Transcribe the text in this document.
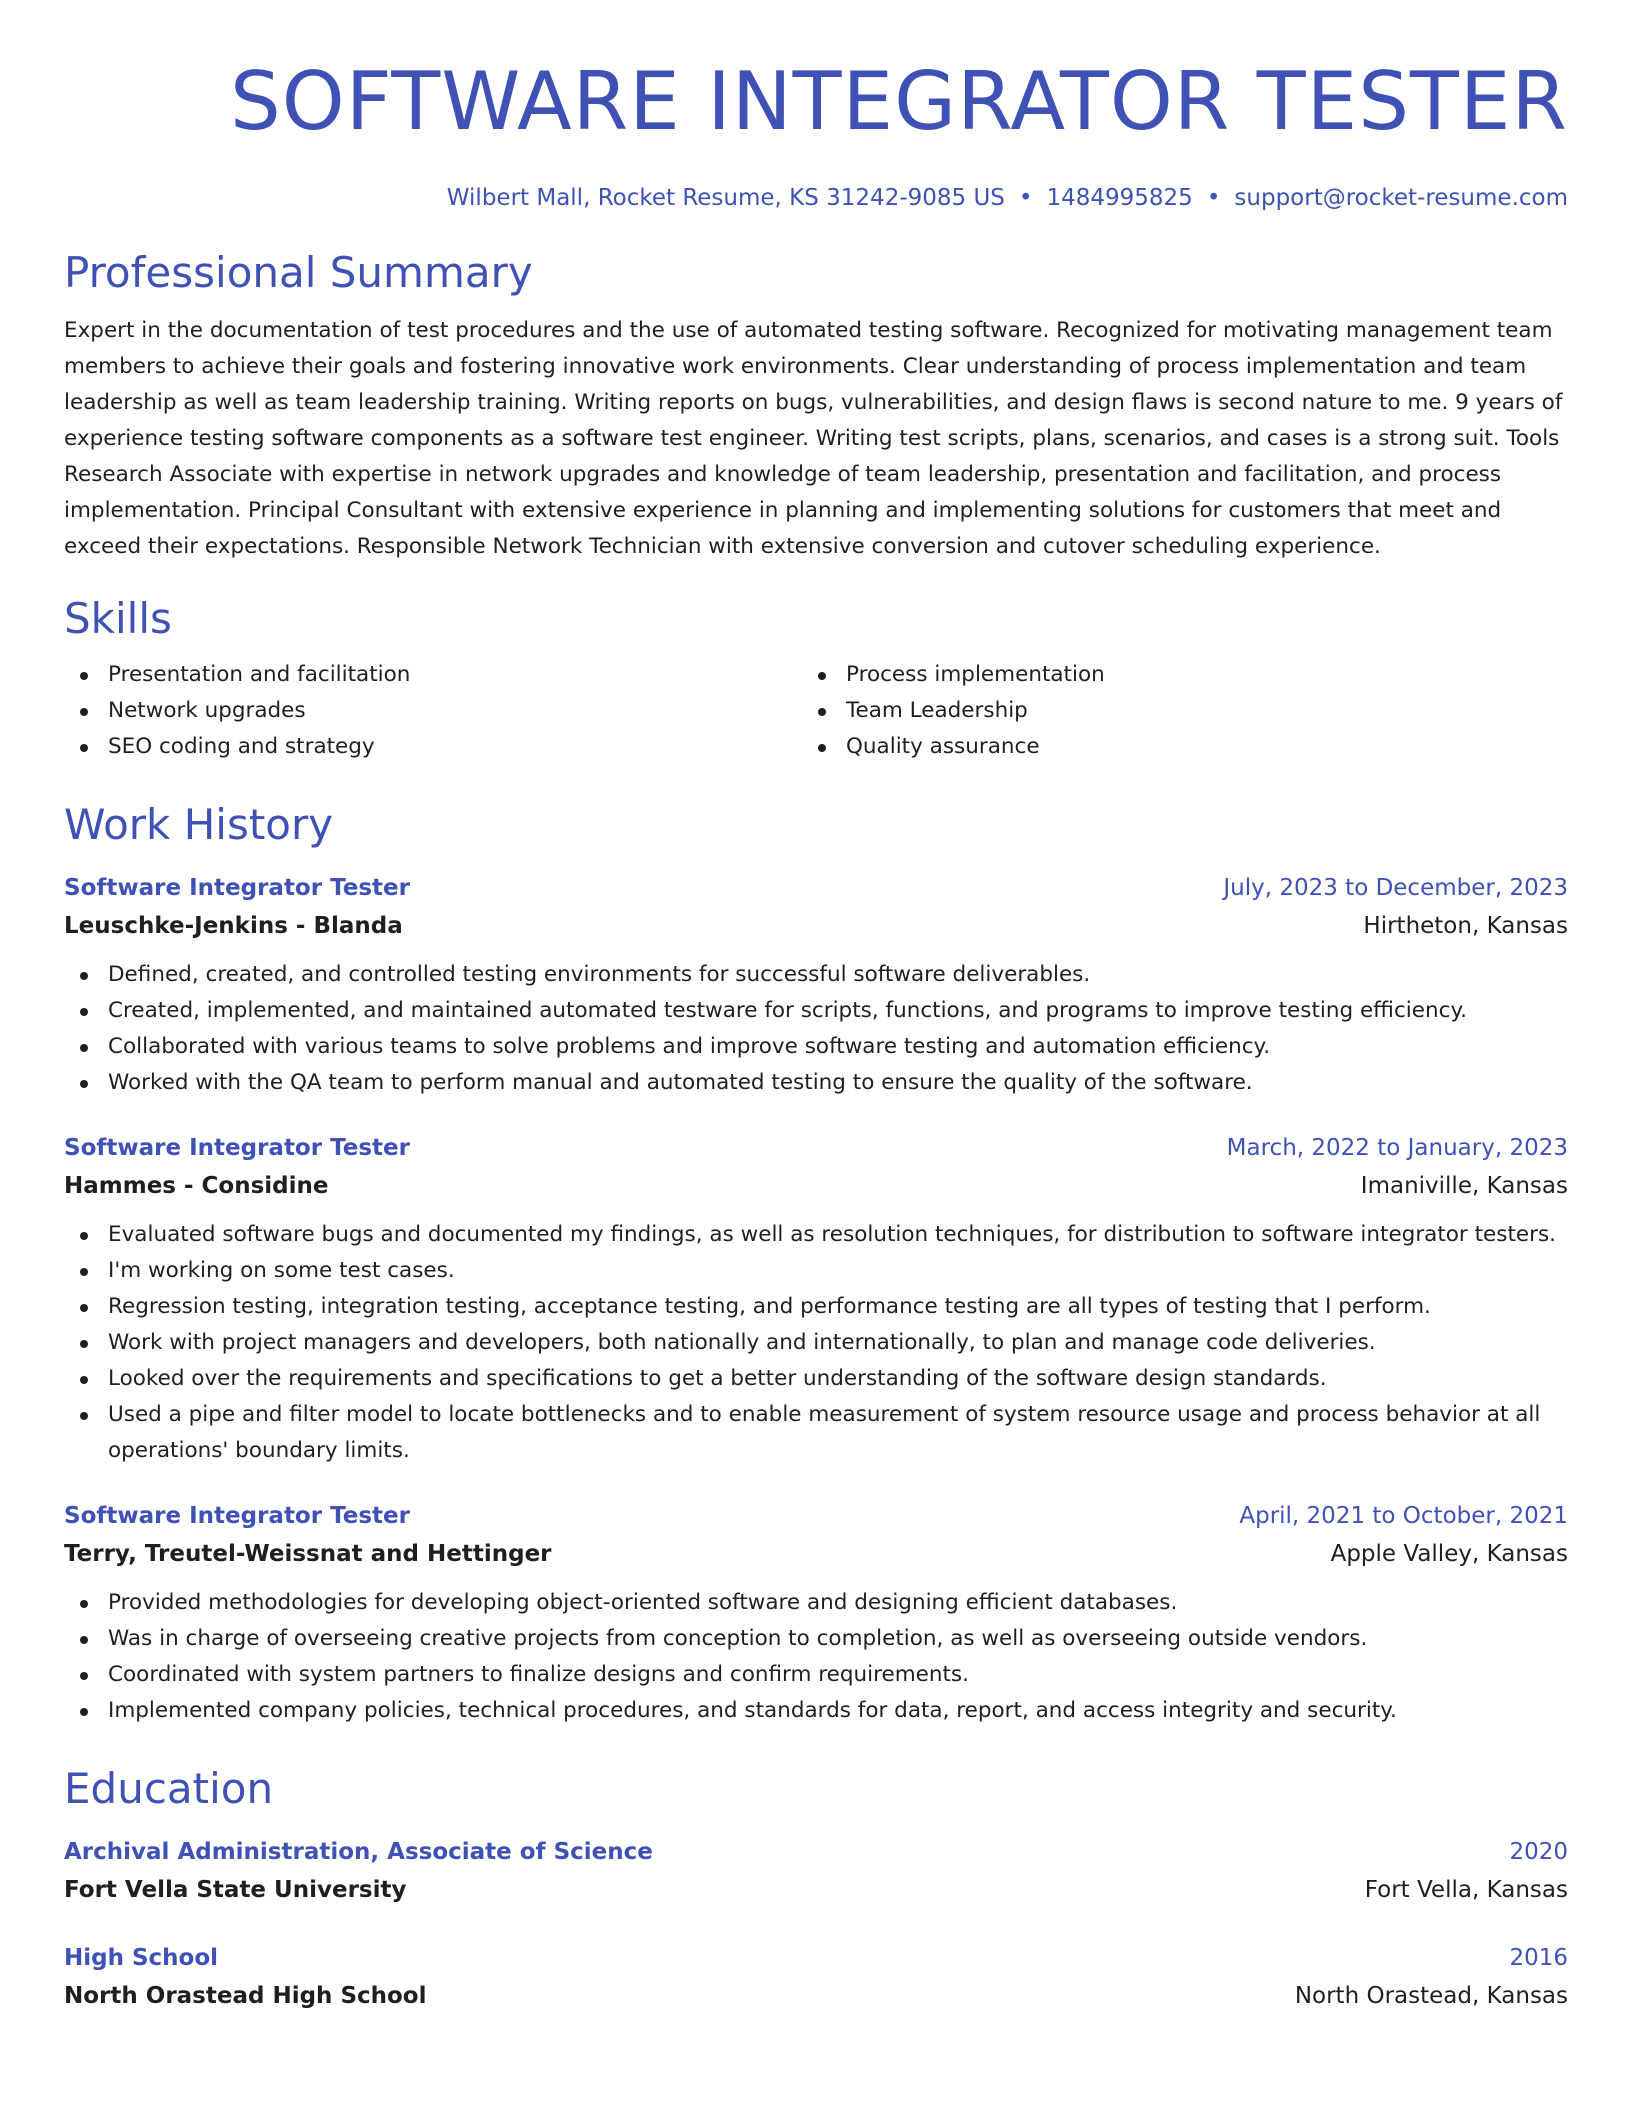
SOFTWARE INTEGRATOR TESTER
Wilbert Mall, Rocket Resume, KS 31242-9085 US • 1484995825 • support@rocket-resume.com
Professional Summary
Expert in the documentation of test procedures and the use of automated testing software. Recognized for motivating management team members to achieve their goals and fostering innovative work environments. Clear understanding of process implementation and team leadership as well as team leadership training. Writing reports on bugs, vulnerabilities, and design flaws is second nature to me. 9 years of experience testing software components as a software test engineer. Writing test scripts, plans, scenarios, and cases is a strong suit. Tools Research Associate with expertise in network upgrades and knowledge of team leadership, presentation and facilitation, and process implementation. Principal Consultant with extensive experience in planning and implementing solutions for customers that meet and exceed their expectations. Responsible Network Technician with extensive conversion and cutover scheduling experience.
Skills
Presentation and facilitation
Network upgrades
SEO coding and strategy
Process implementation
Team Leadership
Quality assurance
Work History
Software Integrator Tester	July, 2023 to December, 2023
Leuschke-Jenkins - Blanda	Hirtheton, Kansas
Defined, created, and controlled testing environments for successful software deliverables.
Created, implemented, and maintained automated testware for scripts, functions, and programs to improve testing efficiency.
Collaborated with various teams to solve problems and improve software testing and automation efficiency.
Worked with the QA team to perform manual and automated testing to ensure the quality of the software.
Software Integrator Tester	March, 2022 to January, 2023
Hammes - Considine	Imaniville, Kansas
Evaluated software bugs and documented my findings, as well as resolution techniques, for distribution to software integrator testers.
I'm working on some test cases.
Regression testing, integration testing, acceptance testing, and performance testing are all types of testing that I perform.
Work with project managers and developers, both nationally and internationally, to plan and manage code deliveries.
Looked over the requirements and specifications to get a better understanding of the software design standards.
Used a pipe and filter model to locate bottlenecks and to enable measurement of system resource usage and process behavior at all operations' boundary limits.
Software Integrator Tester	April, 2021 to October, 2021
Terry, Treutel-Weissnat and Hettinger	Apple Valley, Kansas
Provided methodologies for developing object-oriented software and designing efficient databases.
Was in charge of overseeing creative projects from conception to completion, as well as overseeing outside vendors.
Coordinated with system partners to finalize designs and confirm requirements.
Implemented company policies, technical procedures, and standards for data, report, and access integrity and security.
Education
Archival Administration, Associate of Science	2020
Fort Vella State University	Fort Vella, Kansas
High School	2016
North Orastead High School	North Orastead, Kansas
